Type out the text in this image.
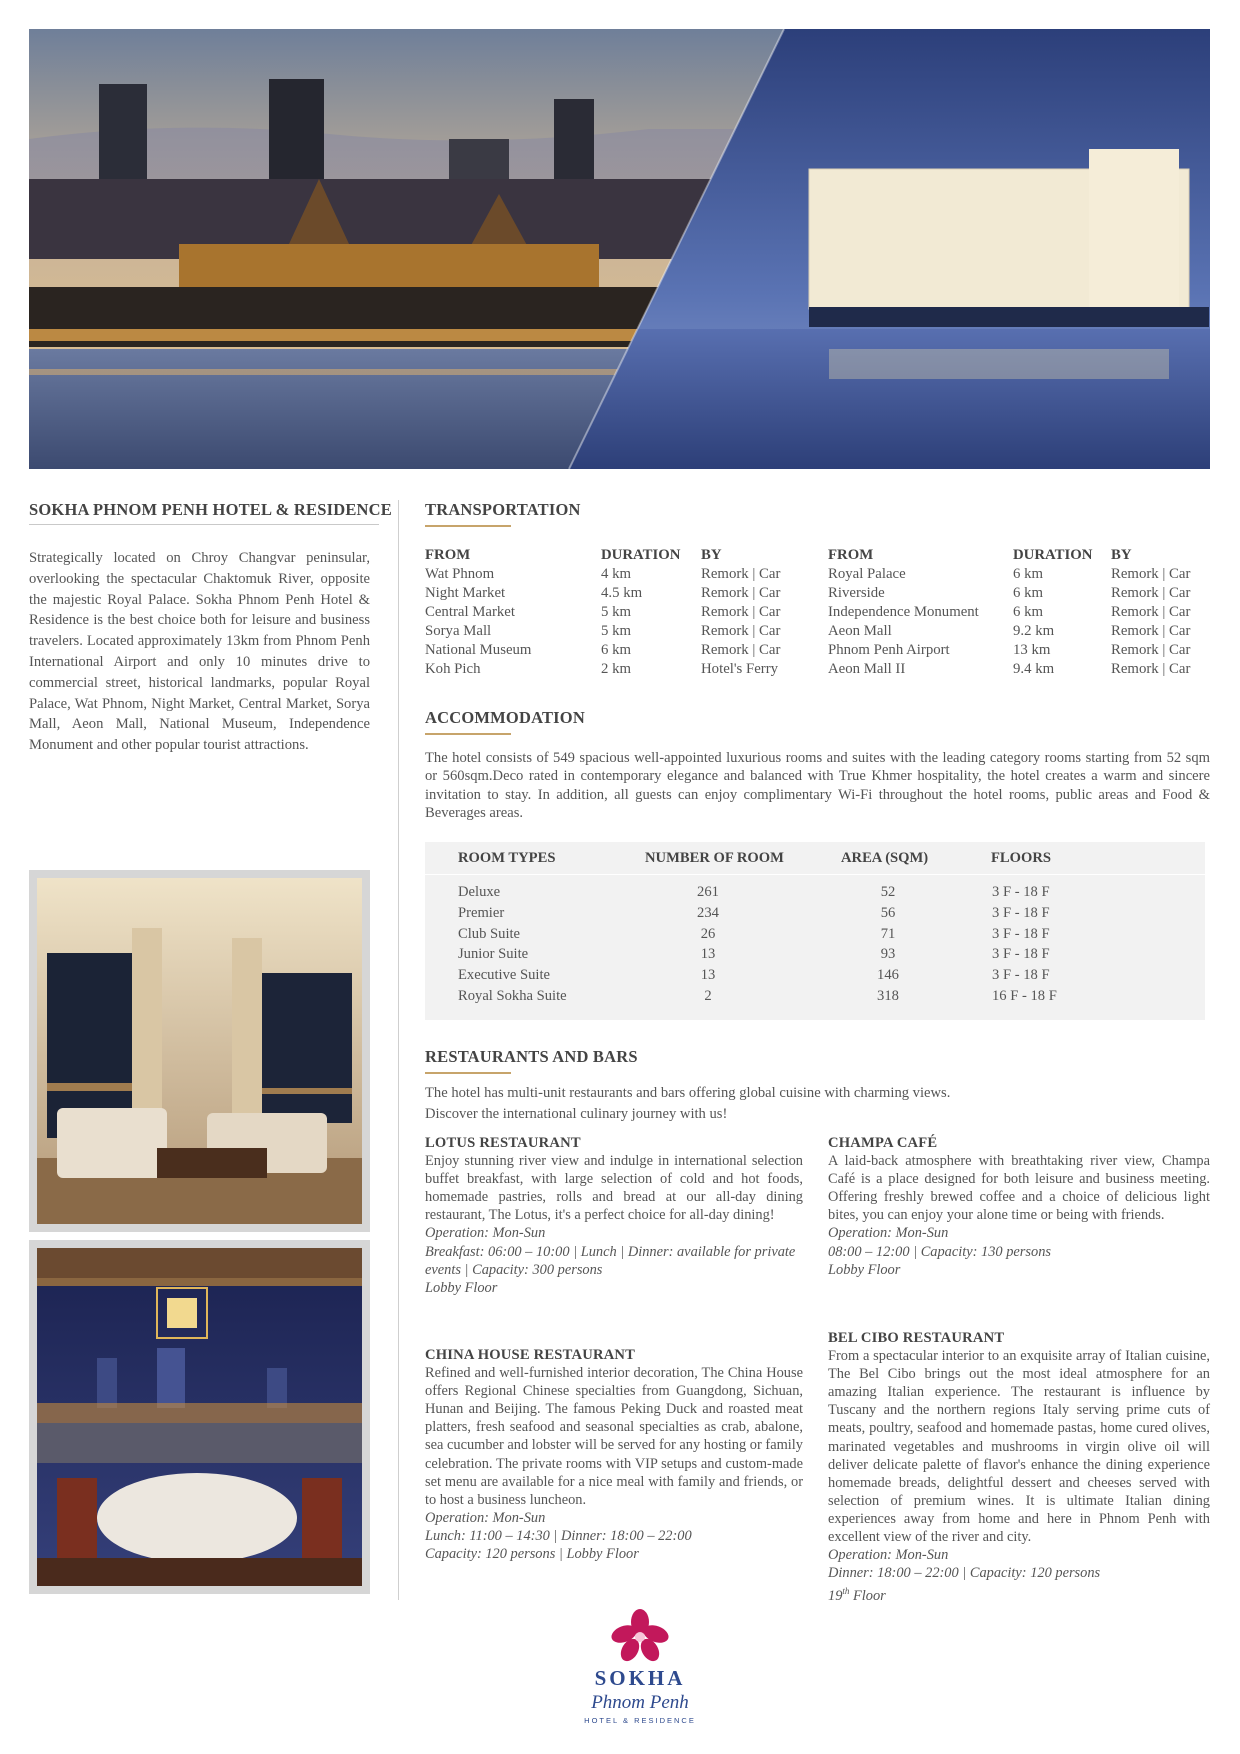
SOKHA PHNOM PENH HOTEL & RESIDENCE
Strategically located on Chroy Changvar peninsular, overlooking the spectacular Chaktomuk River, opposite the majestic Royal Palace. Sokha Phnom Penh Hotel & Residence is the best choice both for leisure and business travelers. Located approximately 13km from Phnom Penh International Airport and only 10 minutes drive to commercial street, historical landmarks, popular Royal Palace, Wat Phnom, Night Market, Central Market, Sorya Mall, Aeon Mall, National Museum, Independence Monument and other popular tourist attractions.
TRANSPORTATION
FROM	DURATION BY
Wat Phnom	4 km	Remork | Car
Night Market	4.5 km	Remork | Car
Central Market	5 km	Remork | Car
Sorya Mall	5 km	Remork | Car
National Museum	6 km	Remork | Car
Koh Pich	2 km	Hotel's Ferry
FROM	DURATION BY
Royal Palace	6 km	Remork | Car
Riverside	6 km	Remork | Car
Independence Monument 6 km	Remork | Car
Aeon Mall	9.2 km	Remork | Car
Phnom Penh Airport	13 km	Remork | Car
Aeon Mall II	9.4 km	Remork | Car
ACCOMMODATION
The hotel consists of 549 spacious well-appointed luxurious rooms and suites with the leading category rooms starting from 52 sqm or 560sqm.Deco rated in contemporary elegance and balanced with True Khmer hospitality, the hotel creates a warm and sincere invitation to stay. In addition, all guests can enjoy complimentary Wi-Fi throughout the hotel rooms, public areas and Food & Beverages areas.
ROOM TYPES	NUMBER OF ROOM	AREA (SQM)	FLOORS
Deluxe	261	52	3 F - 18 F
Premier	234	56	3 F - 18 F
Club Suite	26	71	3 F - 18 F
Junior Suite	13	93	3 F - 18 F
Executive Suite	13	146	3 F - 18 F
Royal Sokha Suite	2	318	16 F - 18 F
RESTAURANTS AND BARS
The hotel has multi-unit restaurants and bars offering global cuisine with charming views.
Discover the international culinary journey with us!
LOTUS RESTAURANT
Enjoy stunning river view and indulge in international selection buffet breakfast, with large selection of cold and hot foods, homemade pastries, rolls and bread at our all-day dining restaurant, The Lotus, it's a perfect choice for all-day dining!
Operation: Mon-Sun
Breakfast: 06:00 – 10:00 | Lunch | Dinner: available for private events | Capacity: 300 persons
Lobby Floor
CHAMPA CAFÉ
A laid-back atmosphere with breathtaking river view, Champa Café is a place designed for both leisure and business meeting. Offering freshly brewed coffee and a choice of delicious light bites, you can enjoy your alone time or being with friends.
Operation: Mon-Sun
08:00 – 12:00 | Capacity: 130 persons
Lobby Floor
CHINA HOUSE RESTAURANT
Refined and well-furnished interior decoration, The China House offers Regional Chinese specialties from Guangdong, Sichuan, Hunan and Beijing. The famous Peking Duck and roasted meat platters, fresh seafood and seasonal specialties as crab, abalone, sea cucumber and lobster will be served for any hosting or family celebration. The private rooms with VIP setups and custom-made set menu are available for a nice meal with family and friends, or to host a business luncheon.
Operation: Mon-Sun
Lunch: 11:00 – 14:30 | Dinner: 18:00 – 22:00
Capacity: 120 persons | Lobby Floor
BEL CIBO RESTAURANT
From a spectacular interior to an exquisite array of Italian cuisine, The Bel Cibo brings out the most ideal atmosphere for an amazing Italian experience. The restaurant is influence by Tuscany and the northern regions Italy serving prime cuts of meats, poultry, seafood and homemade pastas, home cured olives, marinated vegetables and mushrooms in virgin olive oil will deliver delicate palette of flavor's enhance the dining experience homemade breads, delightful dessert and cheeses served with selection of premium wines. It is ultimate Italian dining experiences away from home and here in Phnom Penh with excellent view of the river and city.
Operation: Mon-Sun
Dinner: 18:00 – 22:00 | Capacity: 120 persons
19th Floor
SOKHA
Phnom Penh
HOTEL & RESIDENCE
